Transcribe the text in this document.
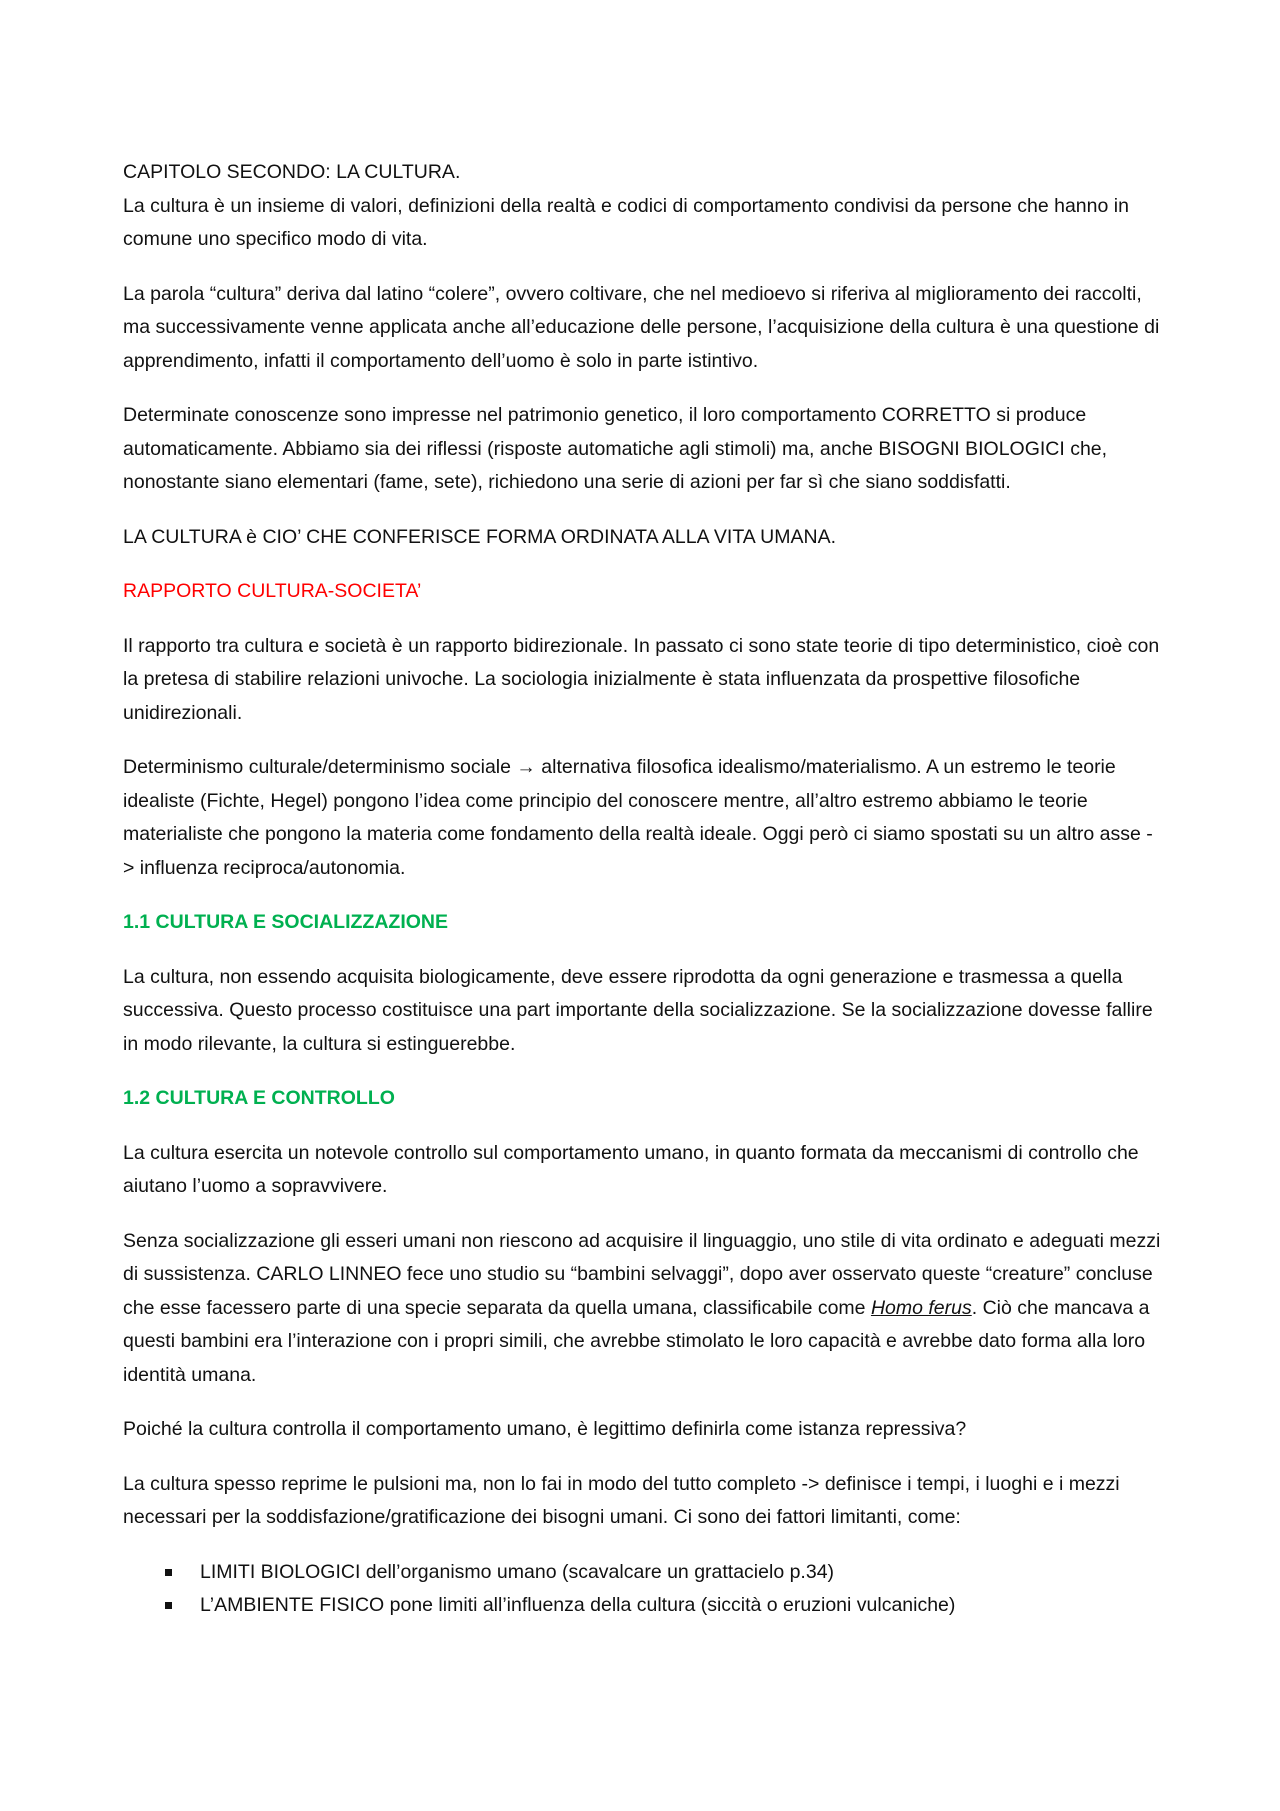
CAPITOLO SECONDO: LA CULTURA.

La cultura è un insieme di valori, definizioni della realtà e codici di comportamento condivisi da persone che hanno in comune uno specifico modo di vita.

La parola “cultura” deriva dal latino “colere”, ovvero coltivare, che nel medioevo si riferiva al miglioramento dei raccolti, ma successivamente venne applicata anche all’educazione delle persone, l’acquisizione della cultura è una questione di apprendimento, infatti il comportamento dell’uomo è solo in parte istintivo.

Determinate conoscenze sono impresse nel patrimonio genetico, il loro comportamento CORRETTO si produce automaticamente. Abbiamo sia dei riflessi (risposte automatiche agli stimoli) ma, anche BISOGNI BIOLOGICI che, nonostante siano elementari (fame, sete), richiedono una serie di azioni per far sì che siano soddisfatti.

LA CULTURA è CIO’ CHE CONFERISCE FORMA ORDINATA ALLA VITA UMANA.

RAPPORTO CULTURA-SOCIETA’

Il rapporto tra cultura e società è un rapporto bidirezionale. In passato ci sono state teorie di tipo deterministico, cioè con la pretesa di stabilire relazioni univoche. La sociologia inizialmente è stata influenzata da prospettive filosofiche unidirezionali.

Determinismo culturale/determinismo sociale → alternativa filosofica idealismo/materialismo. A un estremo le teorie idealiste (Fichte, Hegel) pongono l’idea come principio del conoscere mentre, all’altro estremo abbiamo le teorie materialiste che pongono la materia come fondamento della realtà ideale. Oggi però ci siamo spostati su un altro asse -> influenza reciproca/autonomia.

1.1 CULTURA E SOCIALIZZAZIONE

La cultura, non essendo acquisita biologicamente, deve essere riprodotta da ogni generazione e trasmessa a quella successiva. Questo processo costituisce una part importante della socializzazione. Se la socializzazione dovesse fallire in modo rilevante, la cultura si estinguerebbe.

1.2 CULTURA E CONTROLLO

La cultura esercita un notevole controllo sul comportamento umano, in quanto formata da meccanismi di controllo che aiutano l’uomo a sopravvivere.

Senza socializzazione gli esseri umani non riescono ad acquisire il linguaggio, uno stile di vita ordinato e adeguati mezzi di sussistenza. CARLO LINNEO fece uno studio su “bambini selvaggi”, dopo aver osservato queste “creature” concluse che esse facessero parte di una specie separata da quella umana, classificabile come Homo ferus. Ciò che mancava a questi bambini era l’interazione con i propri simili, che avrebbe stimolato le loro capacità e avrebbe dato forma alla loro identità umana.

Poiché la cultura controlla il comportamento umano, è legittimo definirla come istanza repressiva?

La cultura spesso reprime le pulsioni ma, non lo fai in modo del tutto completo -> definisce i tempi, i luoghi e i mezzi necessari per la soddisfazione/gratificazione dei bisogni umani. Ci sono dei fattori limitanti, come:

LIMITI BIOLOGICI dell’organismo umano (scavalcare un grattacielo p.34)
L’AMBIENTE FISICO pone limiti all’influenza della cultura (siccità o eruzioni vulcaniche)
